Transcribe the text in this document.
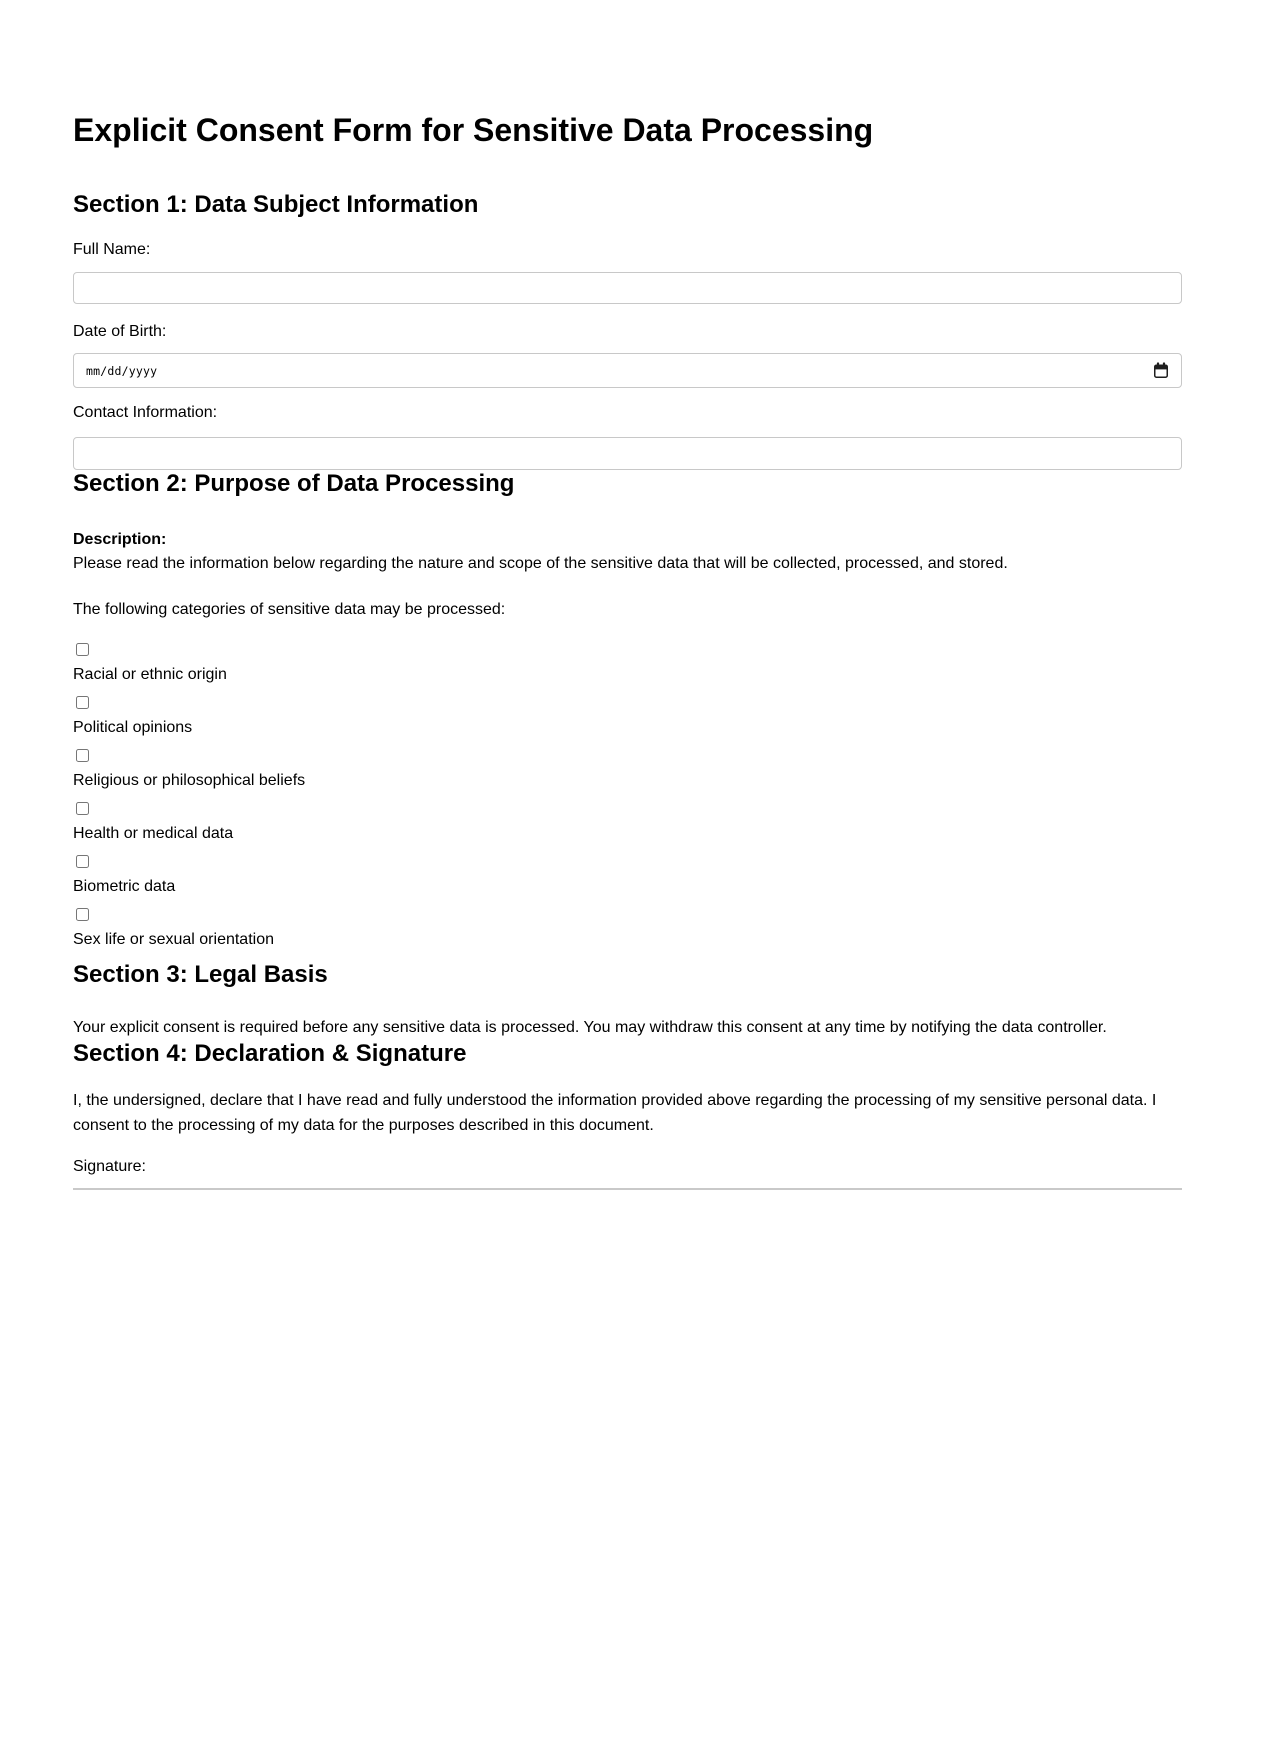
Explicit Consent Form for Sensitive Data Processing
Section 1: Data Subject Information
Full Name:
Date of Birth:
mm/dd/yyyy
Contact Information:
Section 2: Purpose of Data Processing

Description:
Please read the information below regarding the nature and scope of the sensitive data that will be collected, processed, and stored.

The following categories of sensitive data may be processed:

Racial or ethnic origin
Political opinions
Religious or philosophical beliefs
Health or medical data
Biometric data
Sex life or sexual orientation
Section 3: Legal Basis

Your explicit consent is required before any sensitive data is processed. You may withdraw this consent at any time by notifying the data controller.

Section 4: Declaration & Signature

I, the undersigned, declare that I have read and fully understood the information provided above regarding the processing of my sensitive personal data. I consent to the processing of my data for the purposes described in this document.

Signature:
